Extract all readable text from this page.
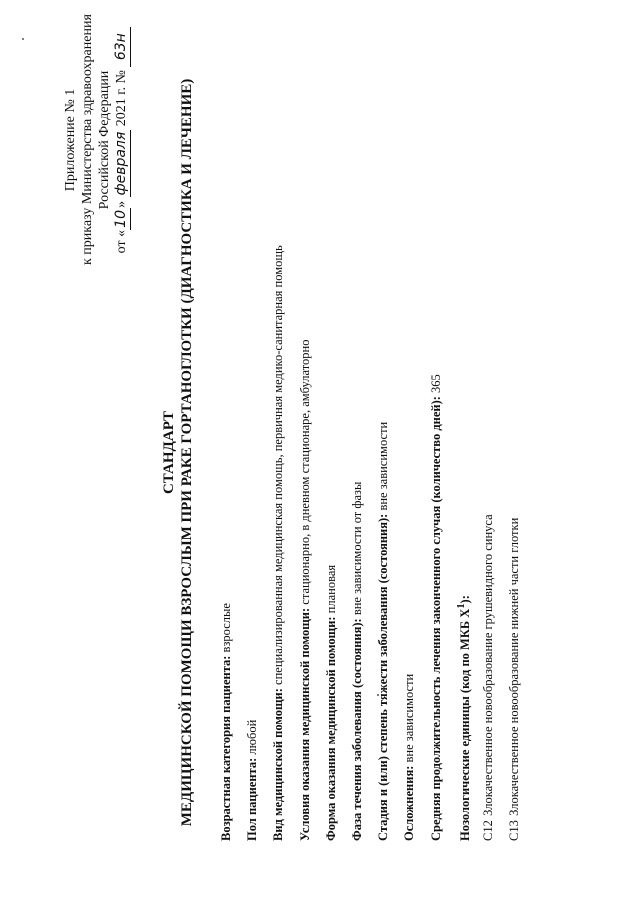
Приложение № 1 к приказу Министерства здравоохранения Российской Федерации
от «10» февраля 2021 г. № 63н
СТАНДАРТ МЕДИЦИНСКОЙ ПОМОЩИ ВЗРОСЛЫМ ПРИ РАКЕ ГОРТАНОГЛОТКИ (ДИАГНОСТИКА И ЛЕЧЕНИЕ)	Возрастная категория пациента: взрослые
Пол пациента: любой Вид медицинской помощи: специализированная медицинская помощь, первичная медико-санитарная помощь
Условия оказания медицинской помощи: стационарно, в дневном стационаре, амбулаторно
Форма оказания медицинской помощи: плановая
Фаза течения заболевания (состояния): вне зависимости от фазы Стадия и (или) степень тяжести заболевания (состояния): вне зависимости
Осложнения: вне зависимости Средняя продолжительность лечения законченного случая (количество дней): 365
Нозологические единицы (код по МКБ $X^1$):
C12 Злокачественное новообразование грушевидного синуса
C13 Злокачественное новообразование нижней части глотки
